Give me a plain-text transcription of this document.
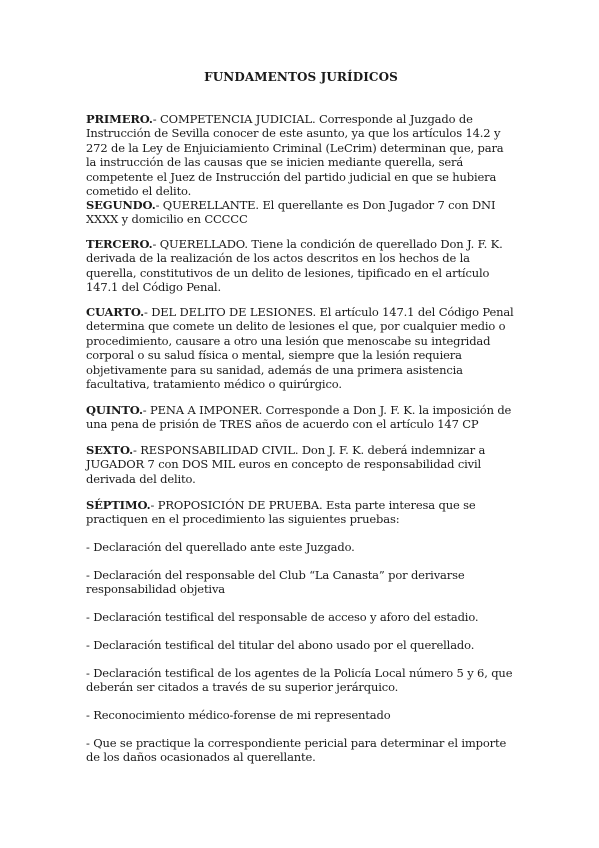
FUNDAMENTOS JURÍDICOS
PRIMERO.- COMPETENCIA JUDICIAL. Corresponde al Juzgado de Instrucción de Sevilla conocer de este asunto, ya que los artículos 14.2 y 272 de la Ley de Enjuiciamiento Criminal (LeCrim) determinan que, para la instrucción de las causas que se inicien mediante querella, será competente el Juez de Instrucción del partido judicial en que se hubiera cometido el delito.
SEGUNDO.- QUERELLANTE. El querellante es Don Jugador 7 con DNI XXXX y domicilio en CCCCC
TERCERO.- QUERELLADO. Tiene la condición de querellado Don J. F. K. derivada de la realización de los actos descritos en los hechos de la querella, constitutivos de un delito de lesiones, tipificado en el artículo 147.1 del Código Penal.
CUARTO.- DEL DELITO DE LESIONES. El artículo 147.1 del Código Penal determina que comete un delito de lesiones el que, por cualquier medio o procedimiento, causare a otro una lesión que menoscabe su integridad corporal o su salud física o mental, siempre que la lesión requiera objetivamente para su sanidad, además de una primera asistencia facultativa, tratamiento médico o quirúrgico.
QUINTO.- PENA A IMPONER. Corresponde a Don J. F. K. la imposición de una pena de prisión de TRES años de acuerdo con el artículo 147 CP
SEXTO.- RESPONSABILIDAD CIVIL. Don J. F. K. deberá indemnizar a JUGADOR 7 con DOS MIL euros en concepto de responsabilidad civil derivada del delito.
SÉPTIMO.- PROPOSICIÓN DE PRUEBA. Esta parte interesa que se practiquen en el procedimiento las siguientes pruebas:
- Declaración del querellado ante este Juzgado.
- Declaración del responsable del Club “La Canasta” por derivarse responsabilidad objetiva
- Declaración testifical del responsable de acceso y aforo del estadio.
- Declaración testifical del titular del abono usado por el querellado.
- Declaración testifical de los agentes de la Policía Local número 5 y 6, que deberán ser citados a través de su superior jerárquico.
- Reconocimiento médico-forense de mi representado
- Que se practique la correspondiente pericial para determinar el importe de los daños ocasionados al querellante.
